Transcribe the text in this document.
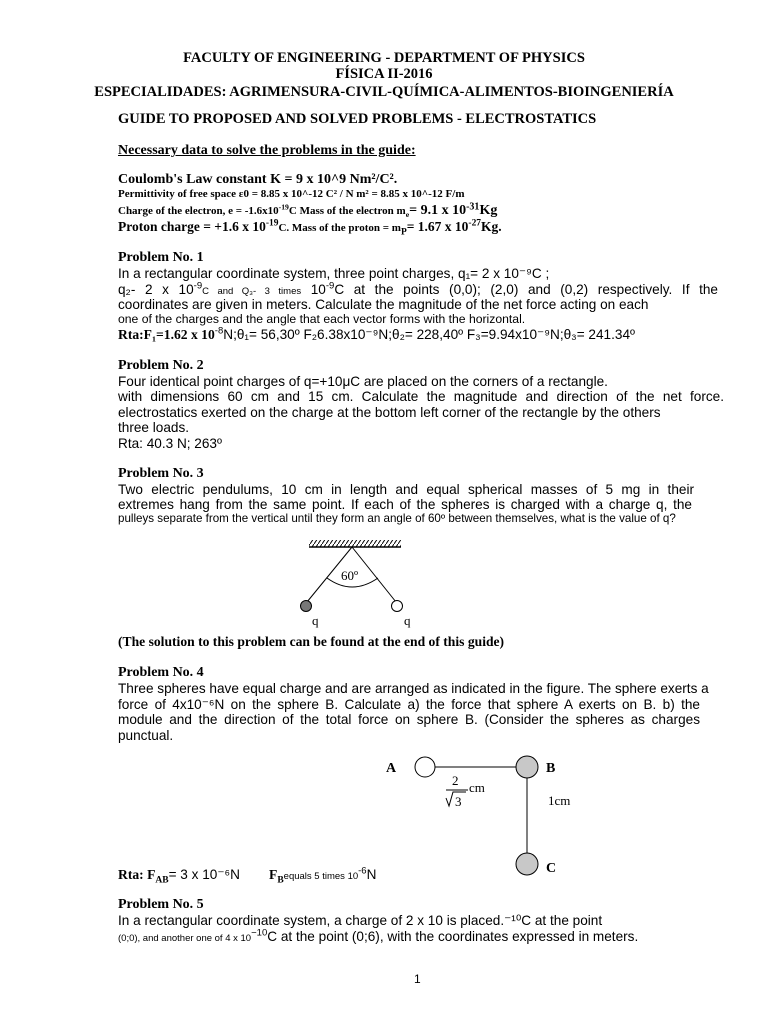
FACULTY OF ENGINEERING - DEPARTMENT OF PHYSICS
FÍSICA II-2016
ESPECIALIDADES: AGRIMENSURA-CIVIL-QUÍMICA-ALIMENTOS-BIOINGENIERÍA
GUIDE TO PROPOSED AND SOLVED PROBLEMS - ELECTROSTATICS
Necessary data to solve the problems in the guide:
Coulomb's Law constant K = 9 x 10^9 Nm²/C².
Permittivity of free space ε0 = 8.85 x 10^-12 C² / N m² = 8.85 x 10^-12 F/m
Charge of the electron, $e = -1.6x10^{-19}C$ Mass of the electron $m_e= 9.1$ x $10^{-31}Kg$
Proton charge = +1.6 x $10^{-19}C$. Mass of the proton = $m_P= 1.67$ x $10^{-27}Kg$.
Problem No. 1
In a rectangular coordinate system, three point charges, q₁= 2 x 10⁻⁹C ;
q₂- 2 x $10^{-9}C$ and Q₃- 3 times $10^{-9}C$ at the points (0,0); (2,0) and (0,2) respectively. If the
coordinates are given in meters. Calculate the magnitude of the net force acting on each
one of the charges and the angle that each vector forms with the horizontal.
Rta:F₁=1.62 x $10^{-8}N;\theta_1=$ 56,30º F₂6.38x10⁻⁹N;θ₂= 228,40º F₃=9.94x10⁻⁹N;θ₃= 241.34º
Problem No. 2
Four identical point charges of q=+10μC are placed on the corners of a rectangle.
with dimensions 60 cm and 15 cm. Calculate the magnitude and direction of the net force.
electrostatics exerted on the charge at the bottom left corner of the rectangle by the others
three loads.
Rta: 40.3 N; 263º
Problem No. 3
Two electric pendulums, 10 cm in length and equal spherical masses of 5 mg in their
extremes hang from the same point. If each of the spheres is charged with a charge q, the
pulleys separate from the vertical until they form an angle of 60º between themselves, what is the value of q?
60º
q	q
(The solution to this problem can be found at the end of this guide)
Problem No. 4
Three spheres have equal charge and are arranged as indicated in the figure. The sphere exerts a
force of 4x10⁻⁶N on the sphere B. Calculate a) the force that sphere A exerts on B. b) the
module and the direction of the total force on sphere B. (Consider the spheres as charges
punctual.
A	B
C
2
3
cm
1cm
Rta: $F_{AB}= 3$ x 10⁻⁶N $F_Bequals$ 5 times $10^{-6}N$
Problem No. 5
In a rectangular coordinate system, a charge of 2 x 10 is placed.⁻¹⁰C at the point
(0;0), and another one of 4 x $10^{-10}C$ at the point (0;6), with the coordinates expressed in meters.
1
